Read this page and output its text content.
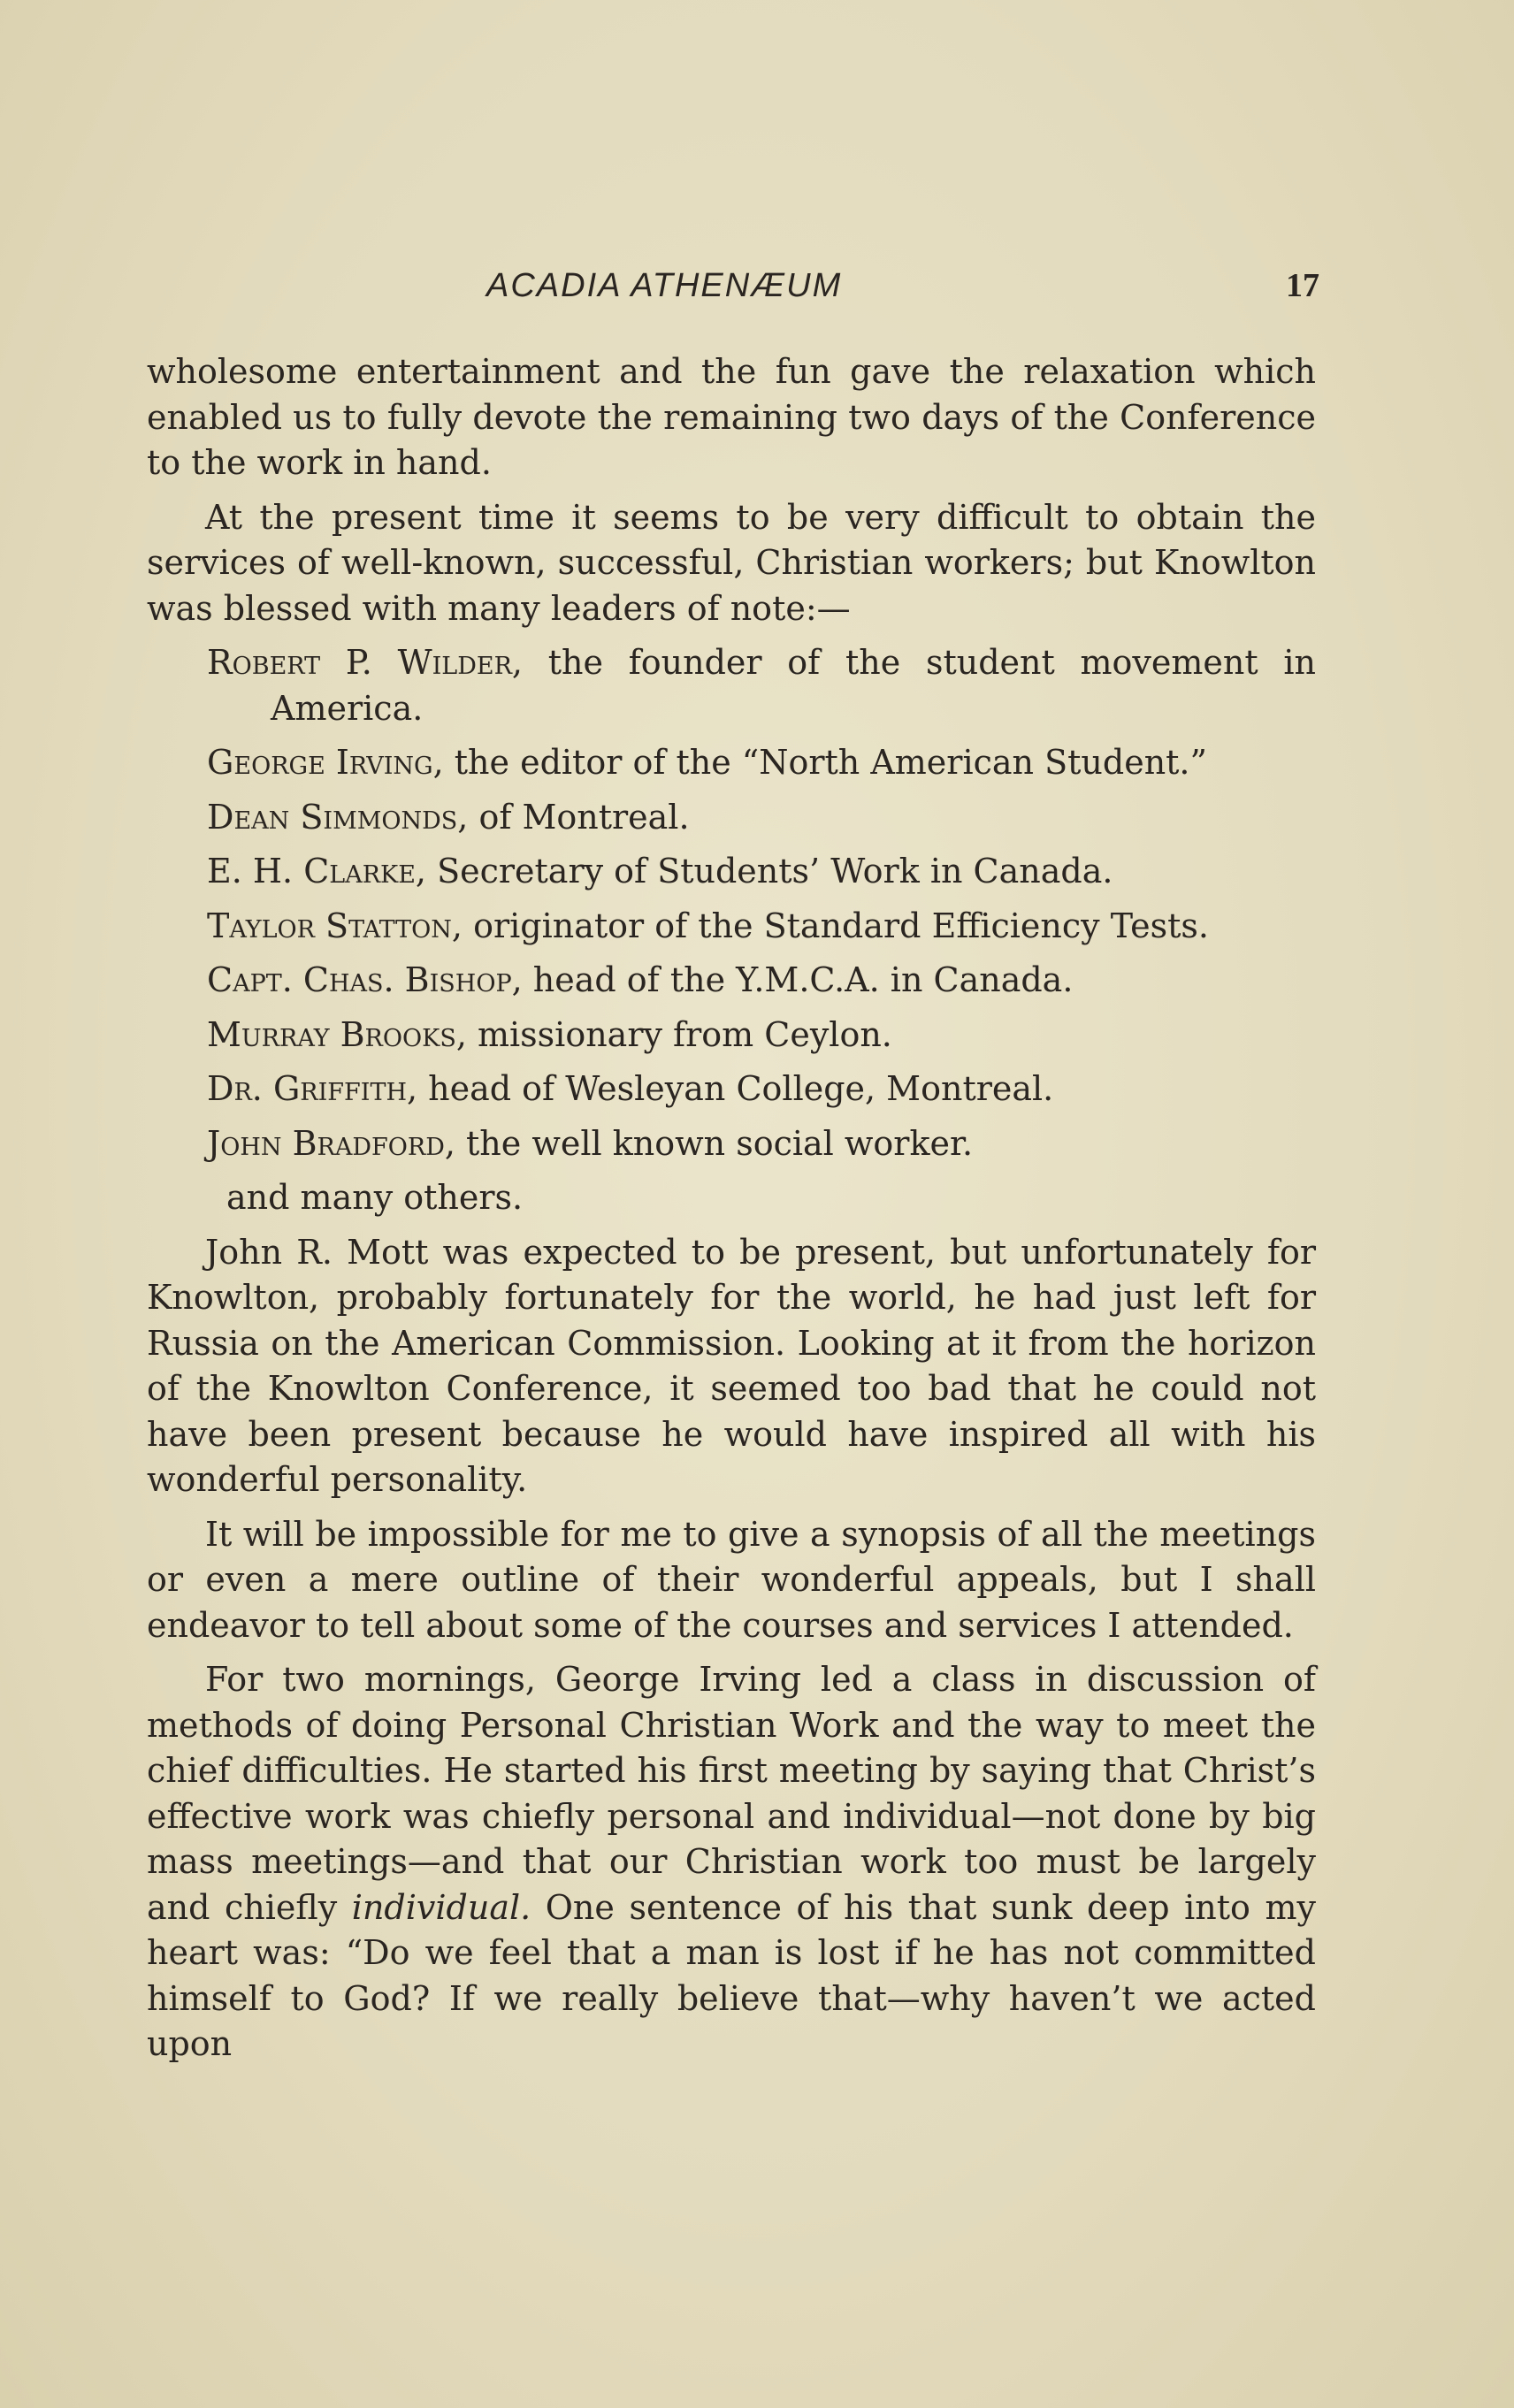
ACADIA ATHENÆUM	17

wholesome entertainment and the fun gave the relaxation which enabled us to fully devote the remaining two days of the Conference to the work in hand.

At the present time it seems to be very difficult to obtain the services of well-known, successful, Christian workers; but Knowlton was blessed with many leaders of note:—

Robert P. Wilder, the founder of the student movement in America.
George Irving, the editor of the “North American Student.”
Dean Simmonds, of Montreal.
E. H. Clarke, Secretary of Students’ Work in Canada.
Taylor Statton, originator of the Standard Efficiency Tests.
Capt. Chas. Bishop, head of the Y.M.C.A. in Canada.
Murray Brooks, missionary from Ceylon.
Dr. Griffith, head of Wesleyan College, Montreal.
John Bradford, the well known social worker.
and many others.

John R. Mott was expected to be present, but unfortunately for Knowlton, probably fortunately for the world, he had just left for Russia on the American Commission. Looking at it from the horizon of the Knowlton Conference, it seemed too bad that he could not have been present because he would have inspired all with his wonderful personality.

It will be impossible for me to give a synopsis of all the meetings or even a mere outline of their wonderful appeals, but I shall endeavor to tell about some of the courses and services I attended.

For two mornings, George Irving led a class in discussion of methods of doing Personal Christian Work and the way to meet the chief difficulties. He started his first meeting by saying that Christ’s effective work was chiefly personal and individual—not done by big mass meetings—and that our Christian work too must be largely and chiefly individual. One sentence of his that sunk deep into my heart was: “Do we feel that a man is lost if he has not committed himself to God? If we really believe that—why haven’t we acted upon
